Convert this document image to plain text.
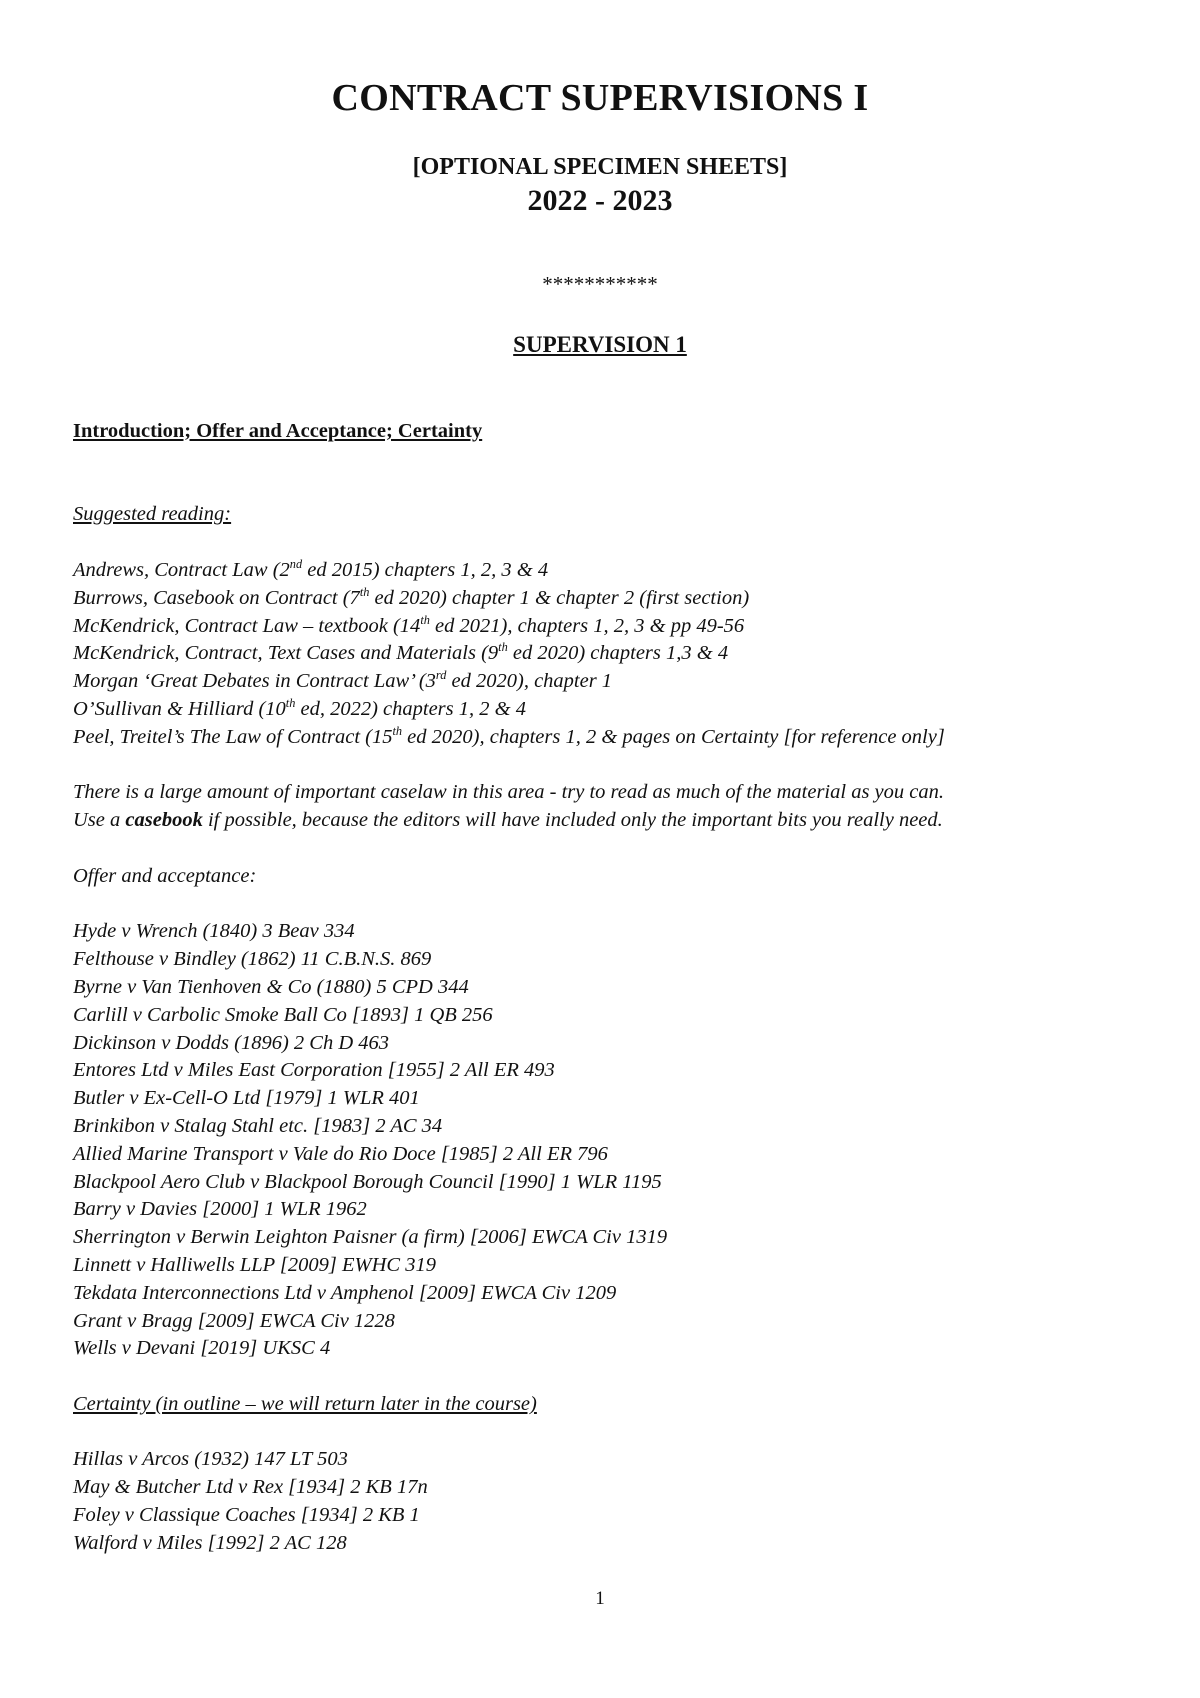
CONTRACT SUPERVISIONS I
[OPTIONAL SPECIMEN SHEETS]
2022 - 2023
***********
SUPERVISION 1
Introduction; Offer and Acceptance; Certainty
Suggested reading:
Andrews, Contract Law (2nd ed 2015) chapters 1, 2, 3 & 4
Burrows, Casebook on Contract (7th ed 2020) chapter 1 & chapter 2 (first section)
McKendrick, Contract Law – textbook (14th ed 2021), chapters 1, 2, 3 & pp 49-56
McKendrick, Contract, Text Cases and Materials (9th ed 2020) chapters 1,3 & 4
Morgan ‘Great Debates in Contract Law’ (3rd ed 2020), chapter 1
O’Sullivan & Hilliard (10th ed, 2022) chapters 1, 2 & 4
Peel, Treitel’s The Law of Contract (15th ed 2020), chapters 1, 2 & pages on Certainty [for reference only]
There is a large amount of important caselaw in this area - try to read as much of the material as you can.
Use a casebook if possible, because the editors will have included only the important bits you really need.
Offer and acceptance:
Hyde v Wrench (1840) 3 Beav 334
Felthouse v Bindley (1862) 11 C.B.N.S. 869
Byrne v Van Tienhoven & Co (1880) 5 CPD 344
Carlill v Carbolic Smoke Ball Co [1893] 1 QB 256
Dickinson v Dodds (1896) 2 Ch D 463
Entores Ltd v Miles East Corporation [1955] 2 All ER 493
Butler v Ex-Cell-O Ltd [1979] 1 WLR 401
Brinkibon v Stalag Stahl etc. [1983] 2 AC 34
Allied Marine Transport v Vale do Rio Doce [1985] 2 All ER 796
Blackpool Aero Club v Blackpool Borough Council [1990] 1 WLR 1195
Barry v Davies [2000] 1 WLR 1962
Sherrington v Berwin Leighton Paisner (a firm) [2006] EWCA Civ 1319
Linnett v Halliwells LLP [2009] EWHC 319
Tekdata Interconnections Ltd v Amphenol [2009] EWCA Civ 1209
Grant v Bragg [2009] EWCA Civ 1228
Wells v Devani [2019] UKSC 4
Certainty (in outline – we will return later in the course)
Hillas v Arcos (1932) 147 LT 503
May & Butcher Ltd v Rex [1934] 2 KB 17n
Foley v Classique Coaches [1934] 2 KB 1
Walford v Miles [1992] 2 AC 128
1
